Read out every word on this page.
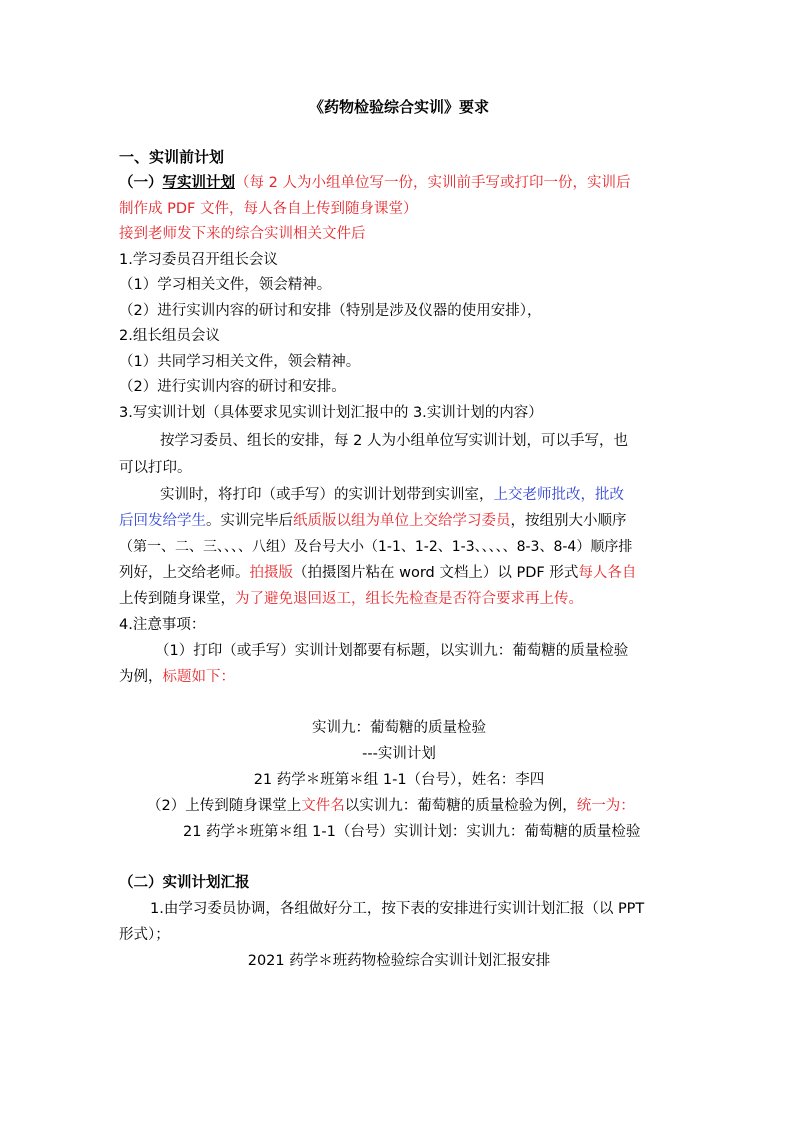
《药物检验综合实训》要求
一、实训前计划
（一）写实训计划（每 2 人为小组单位写一份，实训前手写或打印一份，实训后
制作成 PDF 文件，每人各自上传到随身课堂）
接到老师发下来的综合实训相关文件后
1.学习委员召开组长会议
（1）学习相关文件，领会精神。
（2）进行实训内容的研讨和安排（特别是涉及仪器的使用安排），
2.组长组员会议
（1）共同学习相关文件，领会精神。
（2）进行实训内容的研讨和安排。
3.写实训计划（具体要求见实训计划汇报中的 3.实训计划的内容）
按学习委员、组长的安排，每 2 人为小组单位写实训计划，可以手写，也
可以打印。
实训时，将打印（或手写）的实训计划带到实训室，上交老师批改，批改
后回发给学生。实训完毕后纸质版以组为单位上交给学习委员，按组别大小顺序
（第一、二、三、、、、八组）及台号大小（1-1、1-2、1-3、、、、、8-3、8-4）顺序排
列好，上交给老师。拍摄版（拍摄图片粘在 word 文档上）以 PDF 形式每人各自
上传到随身课堂，为了避免退回返工，组长先检查是否符合要求再上传。
4.注意事项：
（1）打印（或手写）实训计划都要有标题，以实训九：葡萄糖的质量检验
为例，标题如下：
实训九：葡萄糖的质量检验
---实训计划
21 药学＊班第＊组 1-1（台号），姓名：李四
（2）上传到随身课堂上文件名以实训九：葡萄糖的质量检验为例，统一为：
21 药学＊班第＊组 1-1（台号）实训计划：实训九：葡萄糖的质量检验
（二）实训计划汇报
1.由学习委员协调，各组做好分工，按下表的安排进行实训计划汇报（以 PPT
形式）；
2021 药学＊班药物检验综合实训计划汇报安排
